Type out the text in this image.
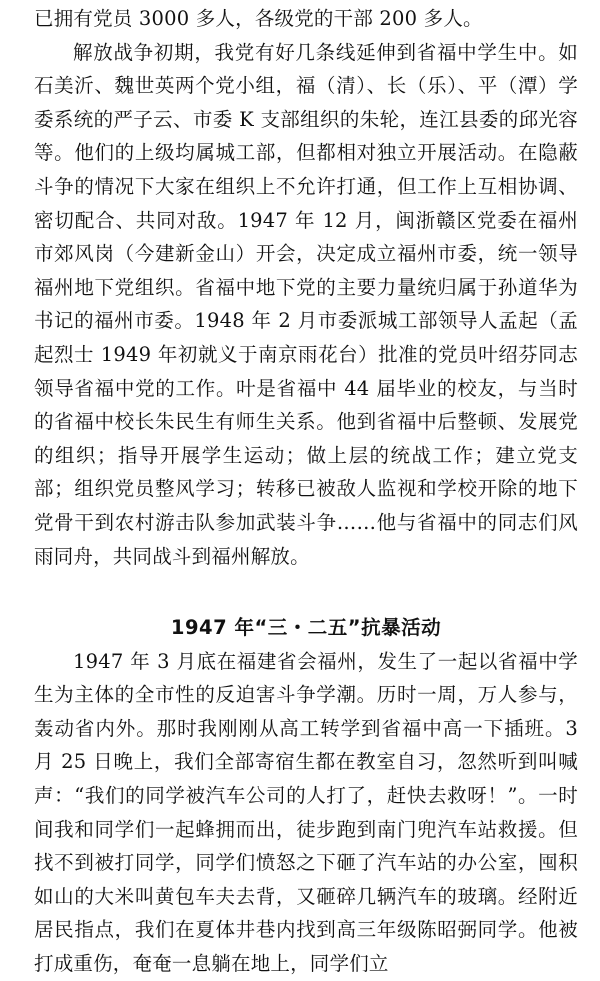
已拥有党员 3000 多人，各级党的干部 200 多人。

解放战争初期，我党有好几条线延伸到省福中学生中。如石美沂、魏世英两个党小组，福（清）、长（乐）、平（潭）学委系统的严子云、市委 K 支部组织的朱轮，连江县委的邱光容等。他们的上级均属城工部，但都相对独立开展活动。在隐蔽斗争的情况下大家在组织上不允许打通，但工作上互相协调、密切配合、共同对敌。1947 年 12 月，闽浙赣区党委在福州市郊风岗（今建新金山）开会，决定成立福州市委，统一领导福州地下党组织。省福中地下党的主要力量统归属于孙道华为书记的福州市委。1948 年 2 月市委派城工部领导人孟起（孟起烈士 1949 年初就义于南京雨花台）批准的党员叶绍芬同志领导省福中党的工作。叶是省福中 44 届毕业的校友，与当时的省福中校长朱民生有师生关系。他到省福中后整顿、发展党的组织；指导开展学生运动；做上层的统战工作；建立党支部；组织党员整风学习；转移已被敌人监视和学校开除的地下党骨干到农村游击队参加武装斗争……他与省福中的同志们风雨同舟，共同战斗到福州解放。

1947 年“三・二五”抗暴活动

1947 年 3 月底在福建省会福州，发生了一起以省福中学生为主体的全市性的反迫害斗争学潮。历时一周，万人参与，轰动省内外。那时我刚刚从高工转学到省福中高一下插班。3 月 25 日晚上，我们全部寄宿生都在教室自习，忽然听到叫喊声：“我们的同学被汽车公司的人打了，赶快去救呀！”。一时间我和同学们一起蜂拥而出，徒步跑到南门兜汽车站救援。但找不到被打同学，同学们愤怒之下砸了汽车站的办公室，囤积如山的大米叫黄包车夫去背，又砸碎几辆汽车的玻璃。经附近居民指点，我们在夏体井巷内找到高三年级陈昭弼同学。他被打成重伤，奄奄一息躺在地上，同学们立
